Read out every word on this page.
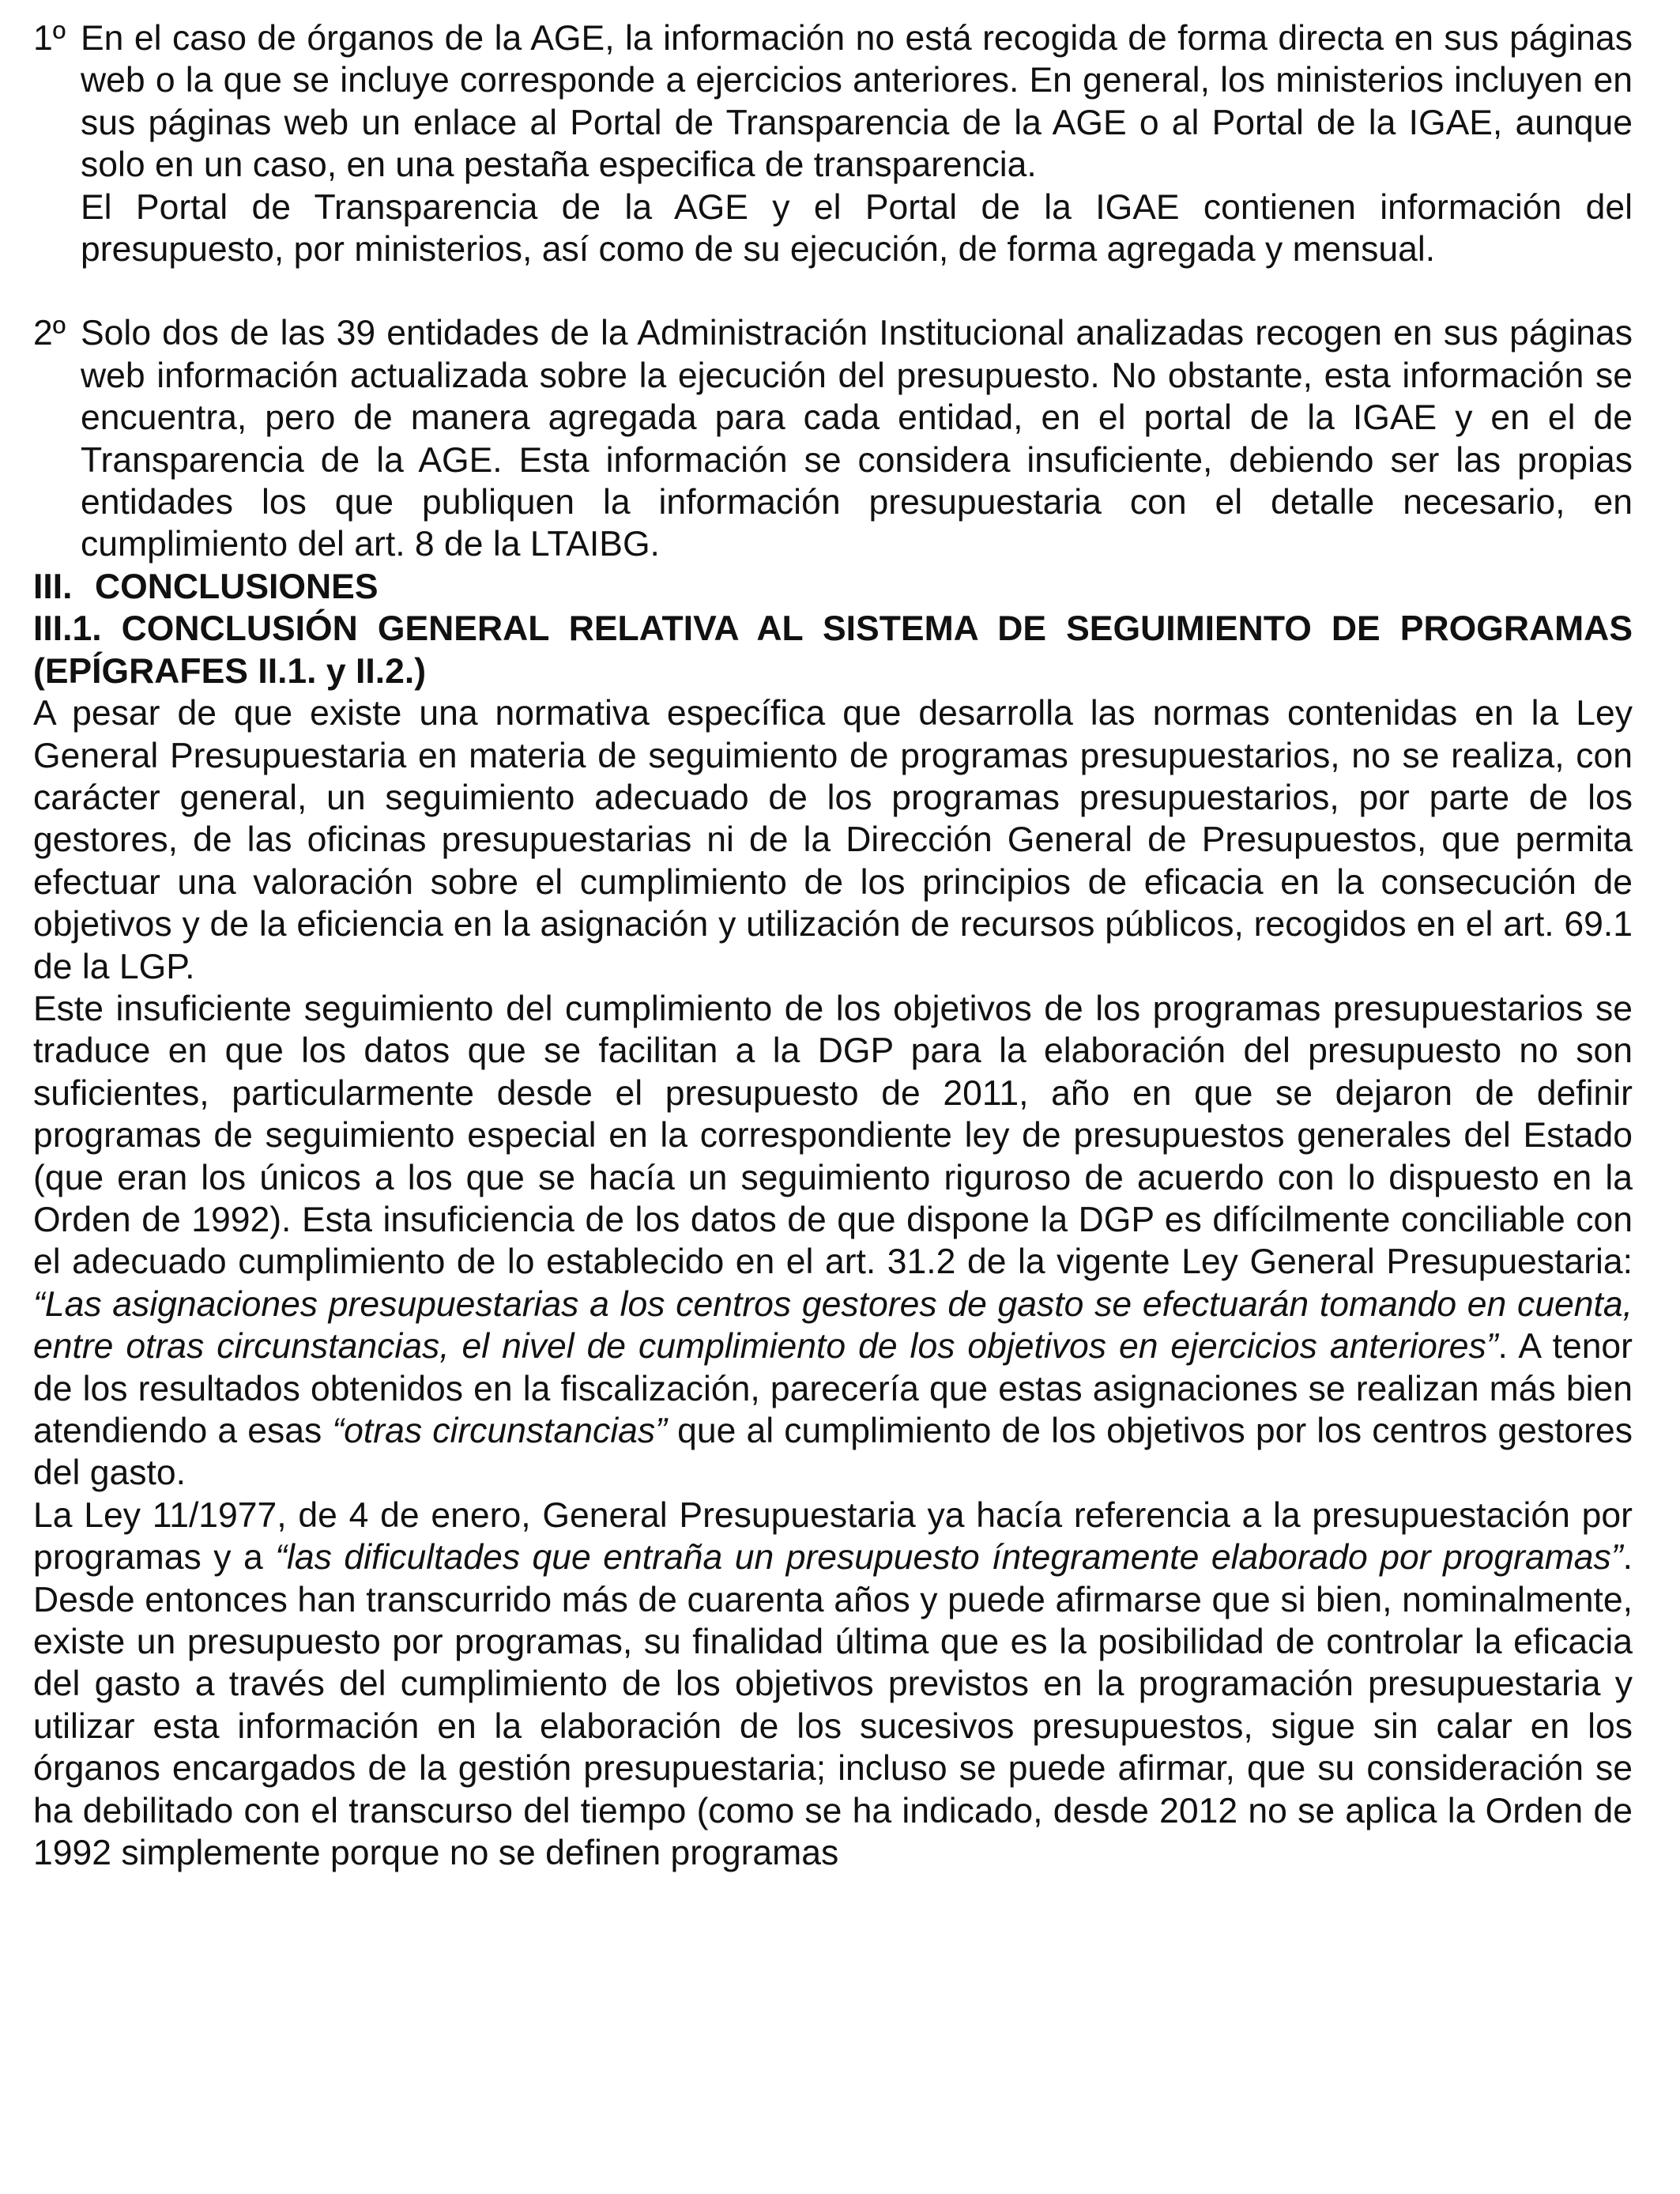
1º En el caso de órganos de la AGE, la información no está recogida de forma directa en sus páginas web o la que se incluye corresponde a ejercicios anteriores. En general, los ministerios incluyen en sus páginas web un enlace al Portal de Transparencia de la AGE o al Portal de la IGAE, aunque solo en un caso, en una pestaña especifica de transparencia.

El Portal de Transparencia de la AGE y el Portal de la IGAE contienen información del presupuesto, por ministerios, así como de su ejecución, de forma agregada y mensual.

2º Solo dos de las 39 entidades de la Administración Institucional analizadas recogen en sus páginas web información actualizada sobre la ejecución del presupuesto. No obstante, esta información se encuentra, pero de manera agregada para cada entidad, en el portal de la IGAE y en el de Transparencia de la AGE. Esta información se considera insuficiente, debiendo ser las propias entidades los que publiquen la información presupuestaria con el detalle necesario, en cumplimiento del art. 8 de la LTAIBG.

III. CONCLUSIONES

III.1. CONCLUSIÓN GENERAL RELATIVA AL SISTEMA DE SEGUIMIENTO DE PROGRAMAS (EPÍGRAFES II.1. y II.2.)

A pesar de que existe una normativa específica que desarrolla las normas contenidas en la Ley General Presupuestaria en materia de seguimiento de programas presupuestarios, no se realiza, con carácter general, un seguimiento adecuado de los programas presupuestarios, por parte de los gestores, de las oficinas presupuestarias ni de la Dirección General de Presupuestos, que permita efectuar una valoración sobre el cumplimiento de los principios de eficacia en la consecución de objetivos y de la eficiencia en la asignación y utilización de recursos públicos, recogidos en el art. 69.1 de la LGP.

Este insuficiente seguimiento del cumplimiento de los objetivos de los programas presupuestarios se traduce en que los datos que se facilitan a la DGP para la elaboración del presupuesto no son suficientes, particularmente desde el presupuesto de 2011, año en que se dejaron de definir programas de seguimiento especial en la correspondiente ley de presupuestos generales del Estado (que eran los únicos a los que se hacía un seguimiento riguroso de acuerdo con lo dispuesto en la Orden de 1992). Esta insuficiencia de los datos de que dispone la DGP es difícilmente conciliable con el adecuado cumplimiento de lo establecido en el art. 31.2 de la vigente Ley General Presupuestaria: “Las asignaciones presupuestarias a los centros gestores de gasto se efectuarán tomando en cuenta, entre otras circunstancias, el nivel de cumplimiento de los objetivos en ejercicios anteriores”. A tenor de los resultados obtenidos en la fiscalización, parecería que estas asignaciones se realizan más bien atendiendo a esas “otras circunstancias” que al cumplimiento de los objetivos por los centros gestores del gasto.

La Ley 11/1977, de 4 de enero, General Presupuestaria ya hacía referencia a la presupuestación por programas y a “las dificultades que entraña un presupuesto íntegramente elaborado por programas”. Desde entonces han transcurrido más de cuarenta años y puede afirmarse que si bien, nominalmente, existe un presupuesto por programas, su finalidad última que es la posibilidad de controlar la eficacia del gasto a través del cumplimiento de los objetivos previstos en la programación presupuestaria y utilizar esta información en la elaboración de los sucesivos presupuestos, sigue sin calar en los órganos encargados de la gestión presupuestaria; incluso se puede afirmar, que su consideración se ha debilitado con el transcurso del tiempo (como se ha indicado, desde 2012 no se aplica la Orden de 1992 simplemente porque no se definen programas
